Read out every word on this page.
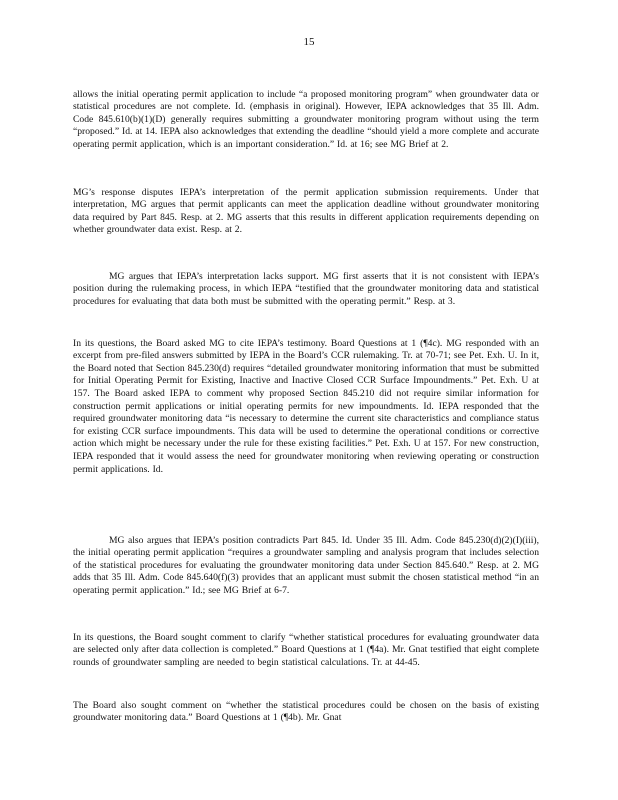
15

allows the initial operating permit application to include “a proposed monitoring program” when groundwater data or statistical procedures are not complete. Id. (emphasis in original). However, IEPA acknowledges that 35 Ill. Adm. Code 845.610(b)(1)(D) generally requires submitting a groundwater monitoring program without using the term “proposed.” Id. at 14. IEPA also acknowledges that extending the deadline “should yield a more complete and accurate operating permit application, which is an important consideration.” Id. at 16; see MG Brief at 2.

MG’s response disputes IEPA’s interpretation of the permit application submission requirements. Under that interpretation, MG argues that permit applicants can meet the application deadline without groundwater monitoring data required by Part 845. Resp. at 2. MG asserts that this results in different application requirements depending on whether groundwater data exist. Resp. at 2.

MG argues that IEPA’s interpretation lacks support. MG first asserts that it is not consistent with IEPA’s position during the rulemaking process, in which IEPA “testified that the groundwater monitoring data and statistical procedures for evaluating that data both must be submitted with the operating permit.” Resp. at 3.

In its questions, the Board asked MG to cite IEPA’s testimony. Board Questions at 1 (¶4c). MG responded with an excerpt from pre-filed answers submitted by IEPA in the Board’s CCR rulemaking. Tr. at 70-71; see Pet. Exh. U. In it, the Board noted that Section 845.230(d) requires “detailed groundwater monitoring information that must be submitted for Initial Operating Permit for Existing, Inactive and Inactive Closed CCR Surface Impoundments.” Pet. Exh. U at 157. The Board asked IEPA to comment why proposed Section 845.210 did not require similar information for construction permit applications or initial operating permits for new impoundments. Id. IEPA responded that the required groundwater monitoring data “is necessary to determine the current site characteristics and compliance status for existing CCR surface impoundments. This data will be used to determine the operational conditions or corrective action which might be necessary under the rule for these existing facilities.” Pet. Exh. U at 157. For new construction, IEPA responded that it would assess the need for groundwater monitoring when reviewing operating or construction permit applications. Id.

MG also argues that IEPA’s position contradicts Part 845. Id. Under 35 Ill. Adm. Code 845.230(d)(2)(I)(iii), the initial operating permit application “requires a groundwater sampling and analysis program that includes selection of the statistical procedures for evaluating the groundwater monitoring data under Section 845.640.” Resp. at 2. MG adds that 35 Ill. Adm. Code 845.640(f)(3) provides that an applicant must submit the chosen statistical method “in an operating permit application.” Id.; see MG Brief at 6-7.

In its questions, the Board sought comment to clarify “whether statistical procedures for evaluating groundwater data are selected only after data collection is completed.” Board Questions at 1 (¶4a). Mr. Gnat testified that eight complete rounds of groundwater sampling are needed to begin statistical calculations. Tr. at 44-45.

The Board also sought comment on “whether the statistical procedures could be chosen on the basis of existing groundwater monitoring data.” Board Questions at 1 (¶4b). Mr. Gnat
